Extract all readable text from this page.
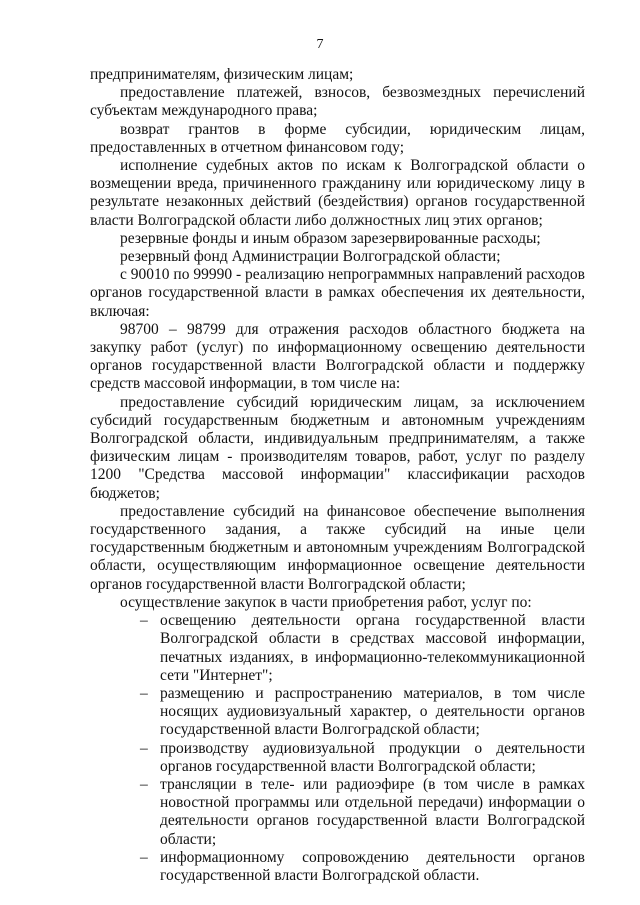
7

предпринимателям, физическим лицам;

предоставление платежей, взносов, безвозмездных перечислений субъектам международного права;

возврат грантов в форме субсидии, юридическим лицам, предоставленных в отчетном финансовом году;

исполнение судебных актов по искам к Волгоградской области о возмещении вреда, причиненного гражданину или юридическому лицу в результате незаконных действий (бездействия) органов государственной власти Волгоградской области либо должностных лиц этих органов;

резервные фонды и иным образом зарезервированные расходы;

резервный фонд Администрации Волгоградской области;

с 90010 по 99990 - реализацию непрограммных направлений расходов органов государственной власти в рамках обеспечения их деятельности, включая:

98700 – 98799 для отражения расходов областного бюджета на закупку работ (услуг) по информационному освещению деятельности органов государственной власти Волгоградской области и поддержку средств массовой информации, в том числе на:

предоставление субсидий юридическим лицам, за исключением субсидий государственным бюджетным и автономным учреждениям Волгоградской области, индивидуальным предпринимателям, а также физическим лицам - производителям товаров, работ, услуг по разделу 1200 "Средства массовой информации" классификации расходов бюджетов;

предоставление субсидий на финансовое обеспечение выполнения государственного задания, а также субсидий на иные цели государственным бюджетным и автономным учреждениям Волгоградской области, осуществляющим информационное освещение деятельности органов государственной власти Волгоградской области;

осуществление закупок в части приобретения работ, услуг по:

– освещению деятельности органа государственной власти Волгоградской области в средствах массовой информации, печатных изданиях, в информационно-телекоммуникационной сети "Интернет";
– размещению и распространению материалов, в том числе носящих аудиовизуальный характер, о деятельности органов государственной власти Волгоградской области;
– производству аудиовизуальной продукции о деятельности органов государственной власти Волгоградской области;
– трансляции в теле- или радиоэфире (в том числе в рамках новостной программы или отдельной передачи) информации о деятельности органов государственной власти Волгоградской области;
– информационному сопровождению деятельности органов государственной власти Волгоградской области.
